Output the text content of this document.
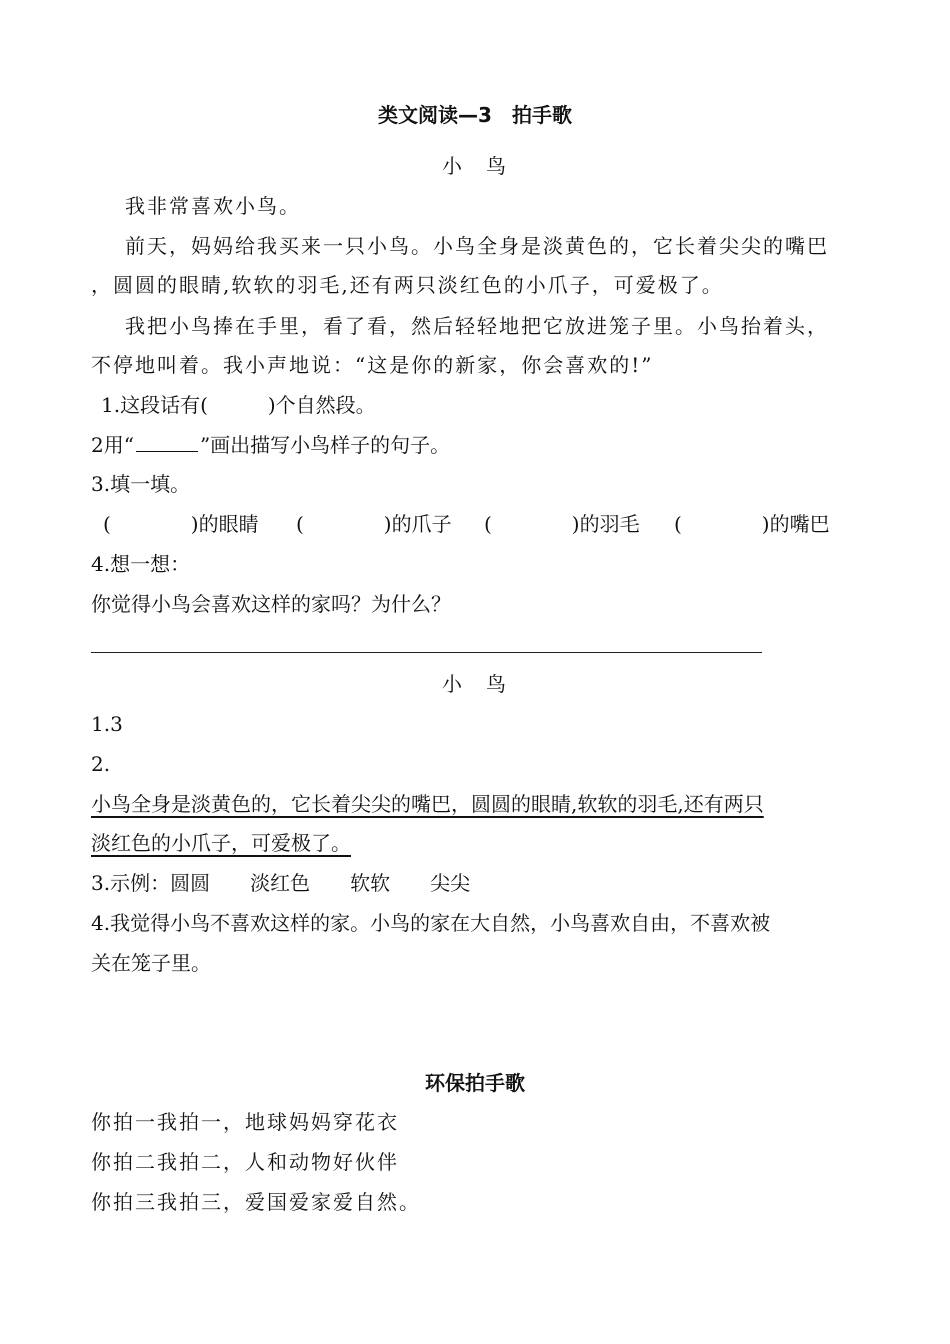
类文阅读—3　拍手歌
小　鸟
我非常喜欢小鸟。
前天，妈妈给我买来一只小鸟。小鸟全身是淡黄色的，它长着尖尖的嘴巴
，圆圆的眼睛,软软的羽毛,还有两只淡红色的小爪子，可爱极了。
我把小鸟捧在手里，看了看，然后轻轻地把它放进笼子里。小鸟抬着头，
不停地叫着。我小声地说：“这是你的新家，你会喜欢的!”
1.这段话有(　　　)个自然段。
2用“	”画出描写小鸟样子的句子。
3.填一填。
(　　　　)的眼睛 (　　　　)的爪子 (　　　　)的羽毛 (　　　　)的嘴巴
4.想一想：
你觉得小鸟会喜欢这样的家吗？为什么？
小　鸟
1.3
2.
小鸟全身是淡黄色的，它长着尖尖的嘴巴，圆圆的眼睛,软软的羽毛,还有两只
淡红色的小爪子，可爱极了。
3.示例：圆圆　　淡红色　　软软　　尖尖
4.我觉得小鸟不喜欢这样的家。小鸟的家在大自然，小鸟喜欢自由，不喜欢被
关在笼子里。
环保拍手歌
你拍一我拍一，地球妈妈穿花衣
你拍二我拍二，人和动物好伙伴
你拍三我拍三，爱国爱家爱自然。
